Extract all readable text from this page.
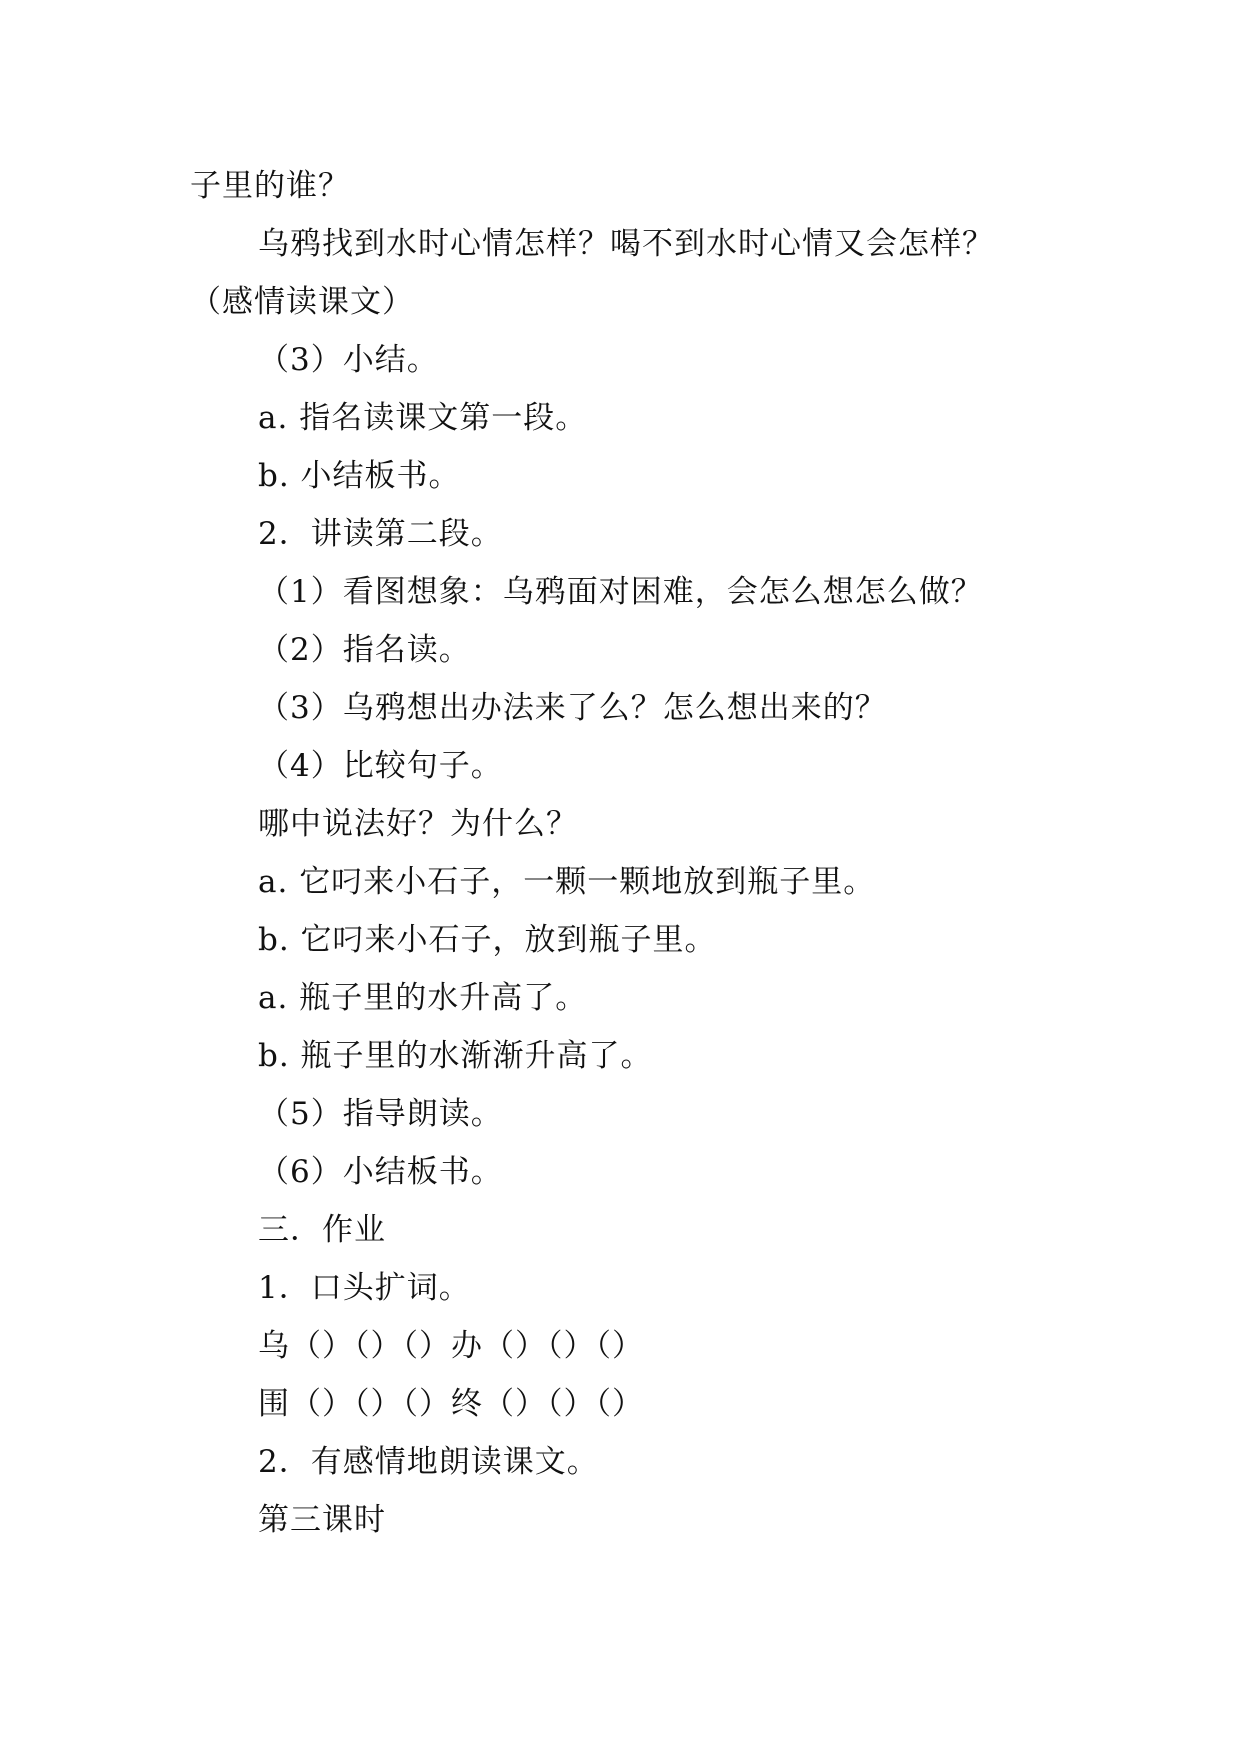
子里的谁？
乌鸦找到水时心情怎样？喝不到水时心情又会怎样？
（感情读课文）
（3）小结。
a. 指名读课文第一段。
b. 小结板书。
2．讲读第二段。
（1）看图想象：乌鸦面对困难，会怎么想怎么做？
（2）指名读。
（3）乌鸦想出办法来了么？怎么想出来的？
（4）比较句子。
哪中说法好？为什么？
a. 它叼来小石子，一颗一颗地放到瓶子里。
b. 它叼来小石子，放到瓶子里。
a. 瓶子里的水升高了。
b. 瓶子里的水渐渐升高了。
（5）指导朗读。
（6）小结板书。
三．作业
1．口头扩词。
乌（）（）（）办（）（）（）
围（）（）（）终（）（）（）
2．有感情地朗读课文。
第三课时
